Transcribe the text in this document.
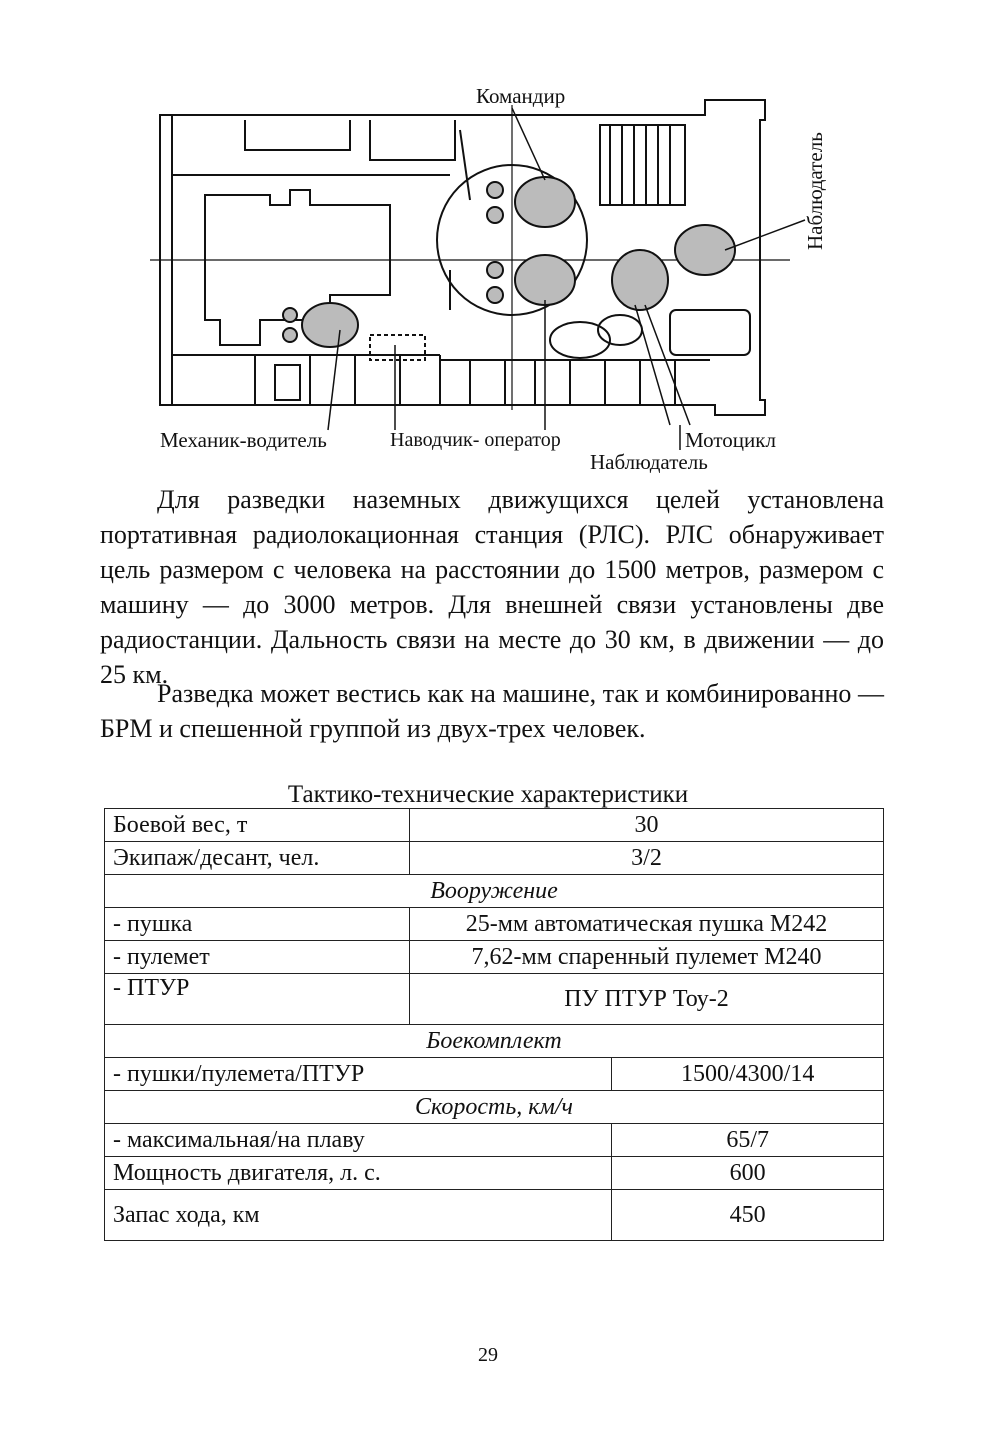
Командир
Наблюдатель
Механик-водитель	Наводчик- оператор	Мотоцикл
Наблюдатель

Для разведки наземных движущихся целей установлена портативная радиолокационная станция (РЛС). РЛС обнаруживает цель размером с человека на расстоянии до 1500 метров, размером с машину — до 3000 метров. Для внешней связи установлены две радиостанции. Дальность связи на месте до 30 км, в движении — до 25 км.

Разведка может вестись как на машине, так и комбинированно — БРМ и спешенной группой из двух-трех человек.

Тактико-технические характеристики
Боевой вес, т	30	
Экипаж/десант, чел.	3/2	
Вооружение		
- пушка	25-мм автоматическая пушка М242	
- пулемет	7,62-мм спаренный пулемет М240	
- ПТУР	ПУ ПТУР Тоу-2	
Боекомплект		
- пушки/пулемета/ПТУР		1500/4300/14
Скорость, км/ч		
- максимальная/на плаву		65/7
Мощность двигателя, л. с.		600
Запас хода, км		450
29
